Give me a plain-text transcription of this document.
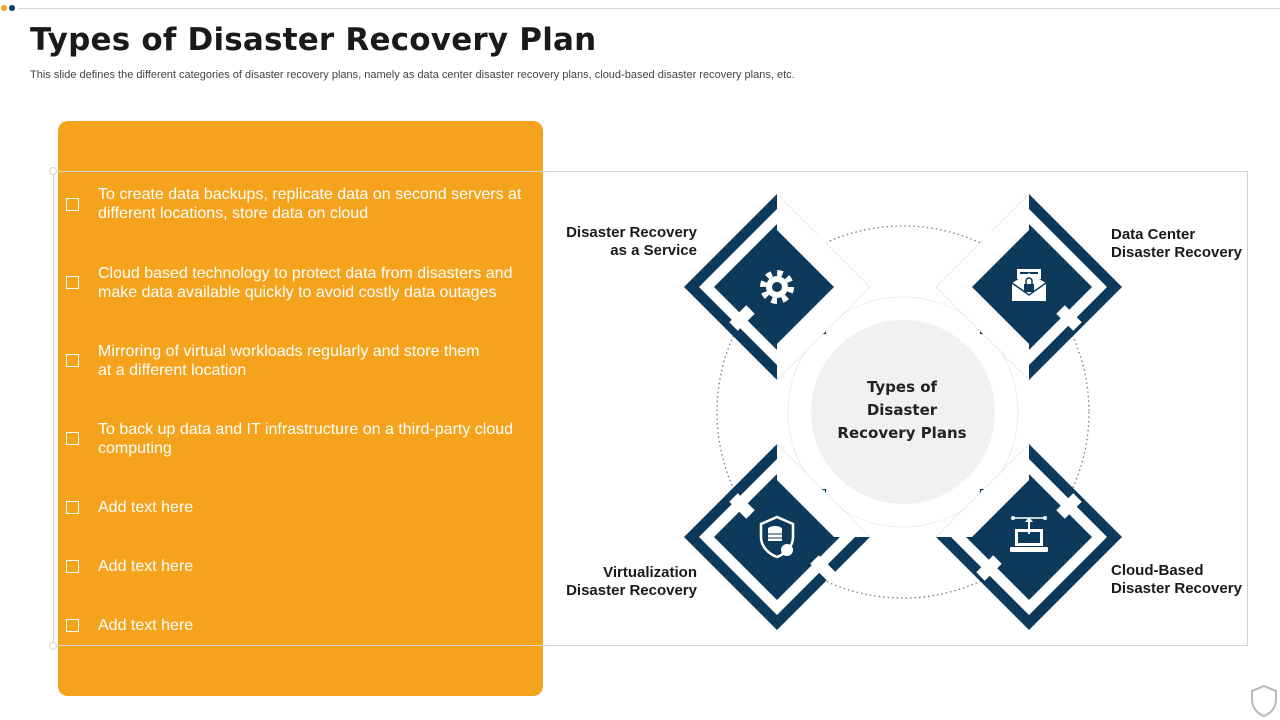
Types of Disaster Recovery Plan

This slide defines the different categories of disaster recovery plans, namely as data center disaster recovery plans, cloud-based disaster recovery plans, etc.

To create data backups, replicate data on second servers at
different locations, store data on cloud
Cloud based technology to protect data from disasters and
make data available quickly to avoid costly data outages
Mirroring of virtual workloads regularly and store them
at a different location
To back up data and IT infrastructure on a third-party cloud
computing
Add text here
Add text here
Add text here
Types of
Disaster
Recovery Plans
Disaster Recovery
as a Service
Data Center
Disaster Recovery
Virtualization
Disaster Recovery
Cloud-Based
Disaster Recovery
